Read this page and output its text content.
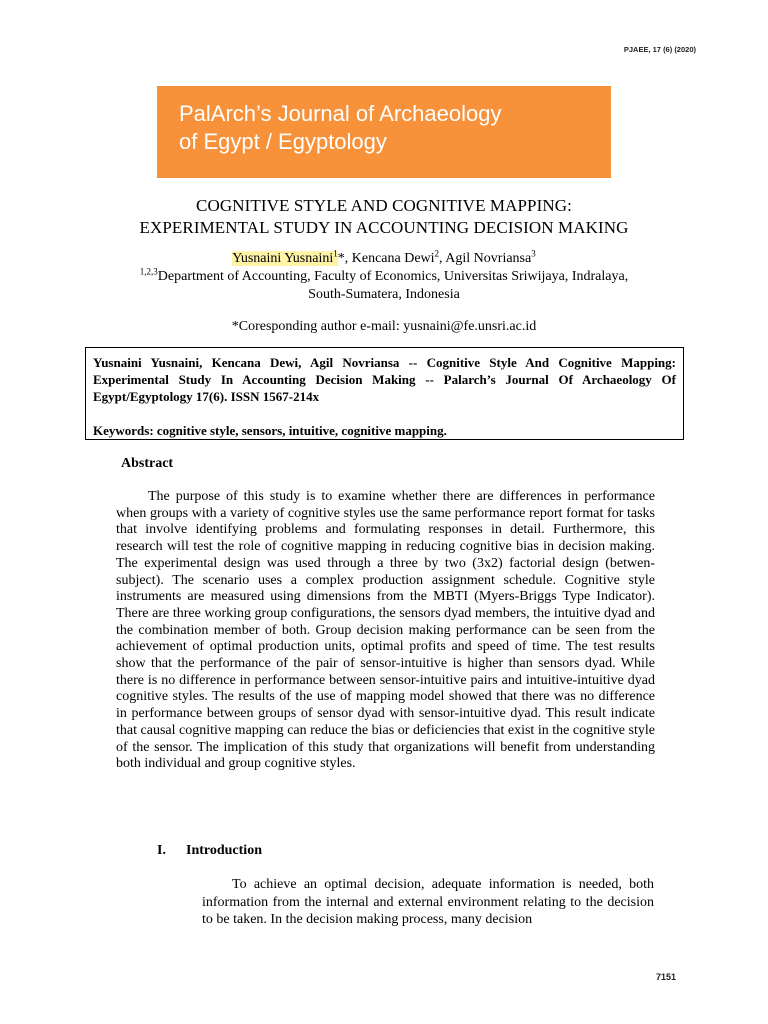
PJAEE, 17 (6) (2020)
PalArch’s Journal of Archaeology
of Egypt / Egyptology
COGNITIVE STYLE AND COGNITIVE MAPPING:
EXPERIMENTAL STUDY IN ACCOUNTING DECISION MAKING
Yusnaini Yusnaini$^1$*, Kencana Dewi$^2$, Agil Novriansa$^3$
$^{1,2,3}$Department of Accounting, Faculty of Economics, Universitas Sriwijaya, Indralaya,
South-Sumatera, Indonesia
*Coresponding author e-mail: yusnaini@fe.unsri.ac.id

Yusnaini Yusnaini, Kencana Dewi, Agil Novriansa -- Cognitive Style And Cognitive Mapping: Experimental Study In Accounting Decision Making -- Palarch’s Journal Of Archaeology Of Egypt/Egyptology 17(6). ISSN 1567-214x

Keywords: cognitive style, sensors, intuitive, cognitive mapping.

Abstract

The purpose of this study is to examine whether there are differences in performance when groups with a variety of cognitive styles use the same performance report format for tasks that involve identifying problems and formulating responses in detail. Furthermore, this research will test the role of cognitive mapping in reducing cognitive bias in decision making. The experimental design was used through a three by two (3x2) factorial design (betwen-subject). The scenario uses a complex production assignment schedule. Cognitive style instruments are measured using dimensions from the MBTI (Myers-Briggs Type Indicator). There are three working group configurations, the sensors dyad members, the intuitive dyad and the combination member of both. Group decision making performance can be seen from the achievement of optimal production units, optimal profits and speed of time. The test results show that the performance of the pair of sensor-intuitive is higher than sensors dyad. While there is no difference in performance between sensor-intuitive pairs and intuitive-intuitive dyad cognitive styles. The results of the use of mapping model showed that there was no difference in performance between groups of sensor dyad with sensor-intuitive dyad. This result indicate that causal cognitive mapping can reduce the bias or deficiencies that exist in the cognitive style of the sensor. The implication of this study that organizations will benefit from understanding both individual and group cognitive styles.

I. Introduction

To achieve an optimal decision, adequate information is needed, both information from the internal and external environment relating to the decision to be taken. In the decision making process, many decision

7151
